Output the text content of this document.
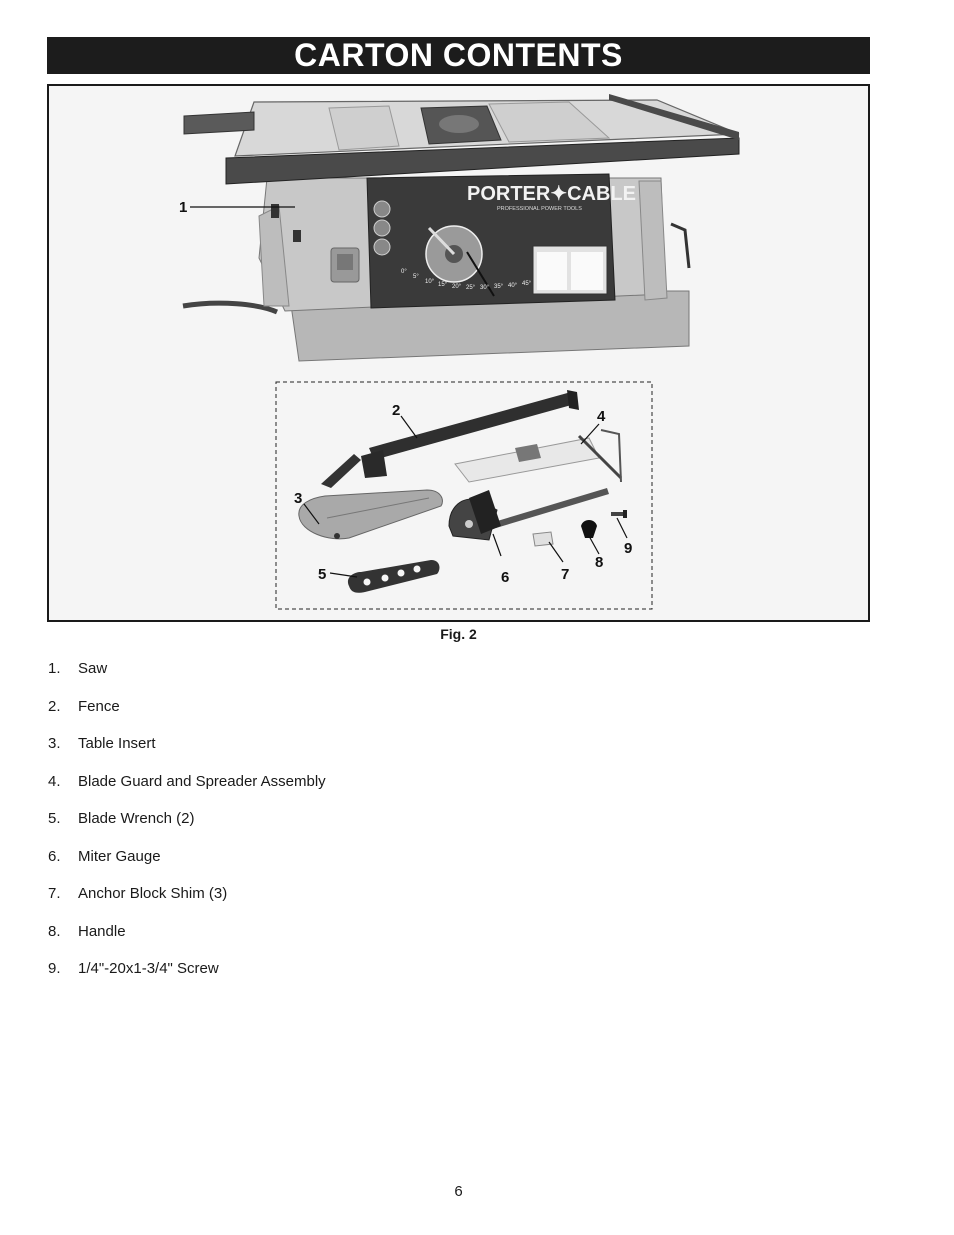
CARTON CONTENTS
PORTER✦CABLE
PROFESSIONAL POWER TOOLS
0°
5°
10° 15° 20° 25° 30° 35° 40° 45°
1
2	4
3
5	6	7
8
9
Fig. 2
1.	Saw
2.	Fence
3.	Table Insert
4.	Blade Guard and Spreader Assembly
5.	Blade Wrench (2)
6.	Miter Gauge
7.	Anchor Block Shim (3)
8.	Handle
9.	1/4"-20x1-3/4" Screw
6
